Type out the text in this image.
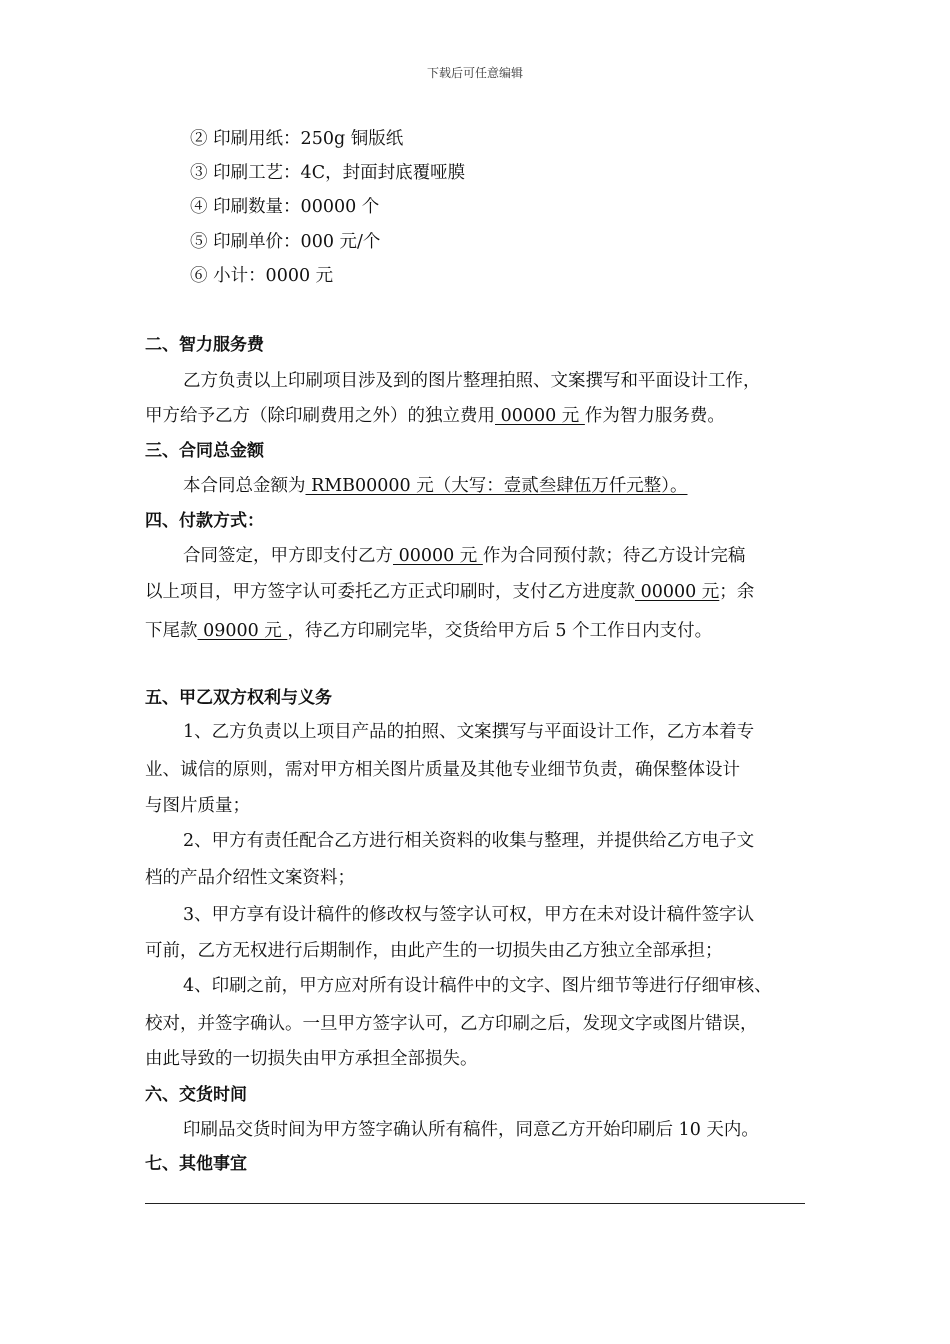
下载后可任意编辑
② 印刷用纸：250g 铜版纸
③ 印刷工艺：4C，封面封底覆哑膜
④ 印刷数量：00000 个
⑤ 印刷单价：000 元/个
⑥ 小计：0000 元
二、智力服务费
乙方负责以上印刷项目涉及到的图片整理拍照、文案撰写和平面设计工作，
甲方给予乙方（除印刷费用之外）的独立费用 00000 元 作为智力服务费。
三、合同总金额
本合同总金额为 RMB00000 元（大写：壹贰叁肆伍万仟元整）。
四、付款方式：
合同签定，甲方即支付乙方 00000 元 作为合同预付款；待乙方设计完稿
以上项目，甲方签字认可委托乙方正式印刷时，支付乙方进度款 00000 元；余
下尾款 09000 元 ，待乙方印刷完毕，交货给甲方后 5 个工作日内支付。
五、甲乙双方权利与义务
1、乙方负责以上项目产品的拍照、文案撰写与平面设计工作，乙方本着专
业、诚信的原则，需对甲方相关图片质量及其他专业细节负责，确保整体设计
与图片质量；
2、甲方有责任配合乙方进行相关资料的收集与整理，并提供给乙方电子文
档的产品介绍性文案资料；
3、甲方享有设计稿件的修改权与签字认可权，甲方在未对设计稿件签字认
可前，乙方无权进行后期制作，由此产生的一切损失由乙方独立全部承担；
4、印刷之前，甲方应对所有设计稿件中的文字、图片细节等进行仔细审核、
校对，并签字确认。一旦甲方签字认可，乙方印刷之后，发现文字或图片错误，
由此导致的一切损失由甲方承担全部损失。
六、交货时间
印刷品交货时间为甲方签字确认所有稿件，同意乙方开始印刷后 10 天内。
七、其他事宜
